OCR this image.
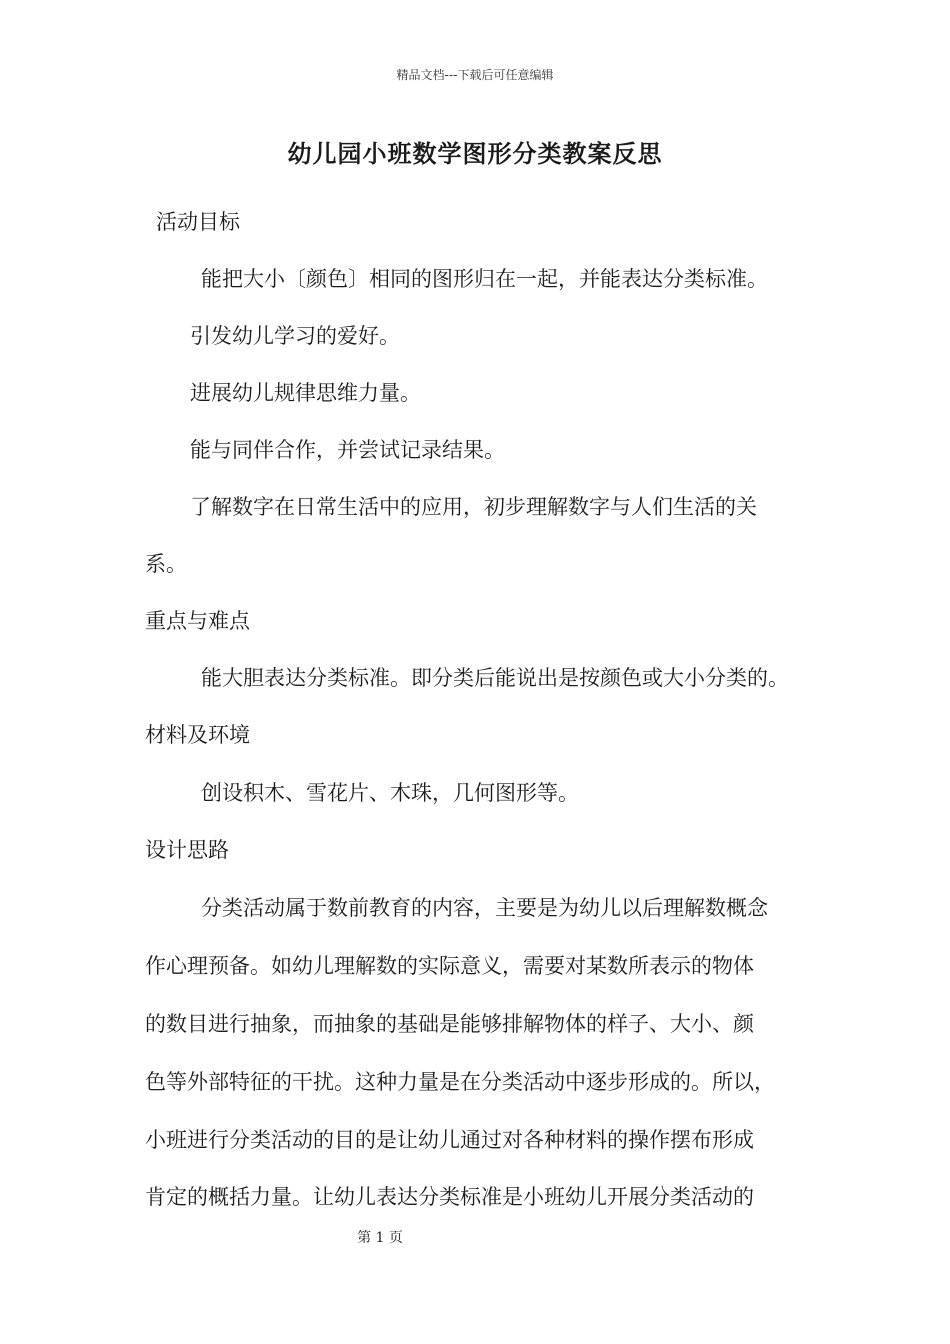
精品文档---下载后可任意编辑
幼儿园小班数学图形分类教案反思
活动目标
能把大小〔颜色〕相同的图形归在一起，并能表达分类标准。
引发幼儿学习的爱好。
进展幼儿规律思维力量。
能与同伴合作，并尝试记录结果。
了解数字在日常生活中的应用，初步理解数字与人们生活的关
系。
重点与难点
能大胆表达分类标准。即分类后能说出是按颜色或大小分类的。
材料及环境
创设积木、雪花片、木珠，几何图形等。
设计思路
分类活动属于数前教育的内容，主要是为幼儿以后理解数概念
作心理预备。如幼儿理解数的实际意义，需要对某数所表示的物体
的数目进行抽象，而抽象的基础是能够排解物体的样子、大小、颜
色等外部特征的干扰。这种力量是在分类活动中逐步形成的。所以，
小班进行分类活动的目的是让幼儿通过对各种材料的操作摆布形成
肯定的概括力量。让幼儿表达分类标准是小班幼儿开展分类活动的
第 1 页
